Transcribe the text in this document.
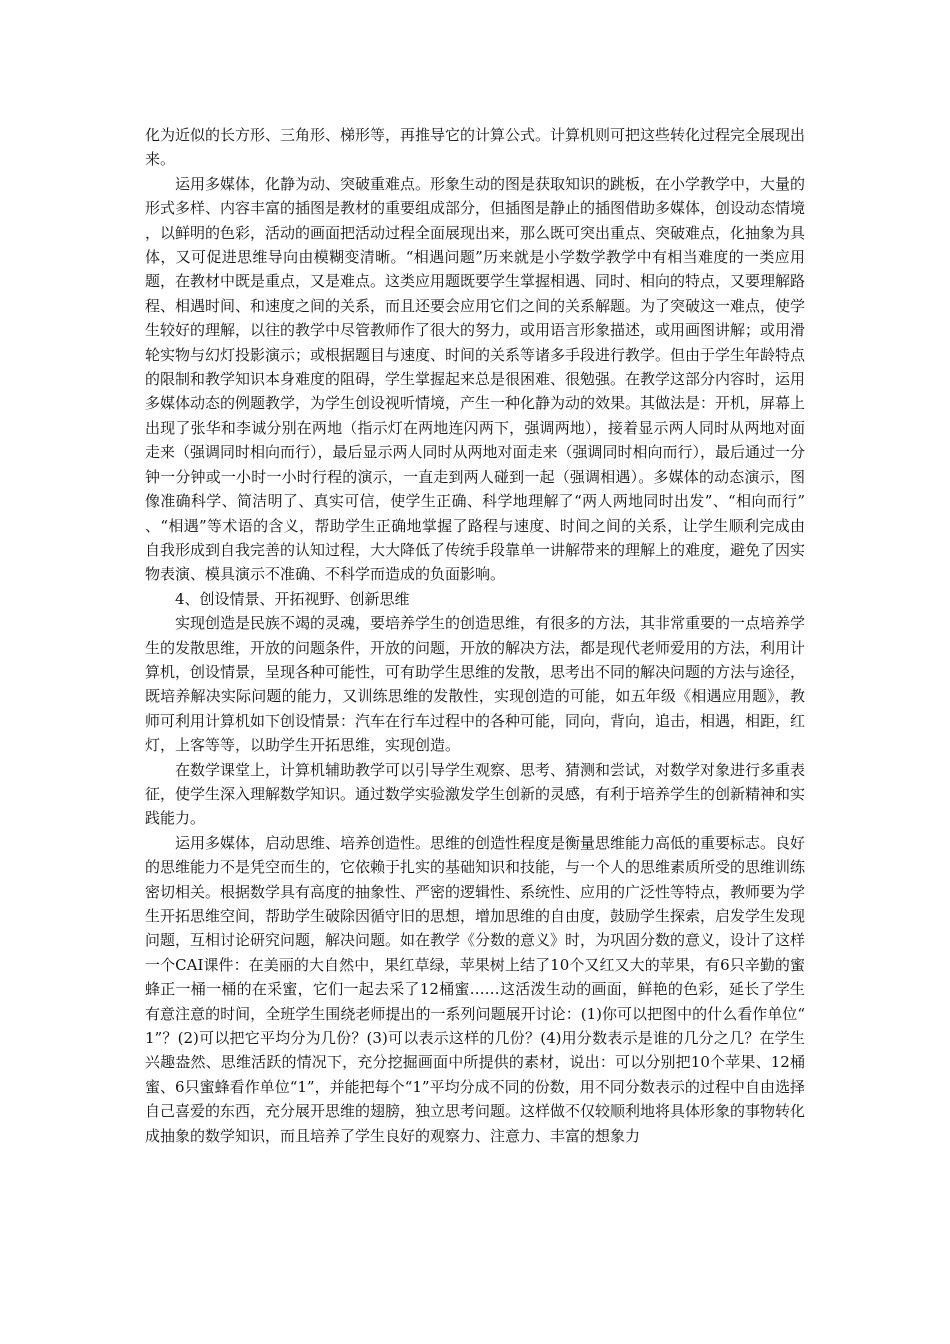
化为近似的长方形、三角形、梯形等，再推导它的计算公式。计算机则可把这些转化过程完全展现出来。

运用多媒体，化静为动、突破重难点。形象生动的图是获取知识的跳板，在小学教学中，大量的形式多样、内容丰富的插图是教材的重要组成部分，但插图是静止的插图借助多媒体，创设动态情境，以鲜明的色彩，活动的画面把活动过程全面展现出来，那么既可突出重点、突破难点，化抽象为具体，又可促进思维导向由模糊变清晰。“相遇问题”历来就是小学数学教学中有相当难度的一类应用题，在教材中既是重点，又是难点。这类应用题既要学生掌握相遇、同时、相向的特点，又要理解路程、相遇时间、和速度之间的关系，而且还要会应用它们之间的关系解题。为了突破这一难点，使学生较好的理解，以往的教学中尽管教师作了很大的努力，或用语言形象描述，或用画图讲解；或用滑轮实物与幻灯投影演示；或根据题目与速度、时间的关系等诸多手段进行教学。但由于学生年龄特点的限制和教学知识本身难度的阻碍，学生掌握起来总是很困难、很勉强。在教学这部分内容时，运用多媒体动态的例题教学，为学生创设视听情境，产生一种化静为动的效果。其做法是：开机，屏幕上出现了张华和李诚分别在两地（指示灯在两地连闪两下，强调两地），接着显示两人同时从两地对面走来（强调同时相向而行），最后显示两人同时从两地对面走来（强调同时相向而行），最后通过一分钟一分钟或一小时一小时行程的演示，一直走到两人碰到一起（强调相遇）。多媒体的动态演示，图像准确科学、简洁明了、真实可信，使学生正确、科学地理解了“两人两地同时出发”、“相向而行”、“相遇”等术语的含义，帮助学生正确地掌握了路程与速度、时间之间的关系，让学生顺利完成由自我形成到自我完善的认知过程，大大降低了传统手段靠单一讲解带来的理解上的难度，避免了因实物表演、模具演示不准确、不科学而造成的负面影响。

4、创设情景、开拓视野、创新思维

实现创造是民族不竭的灵魂，要培养学生的创造思维，有很多的方法，其非常重要的一点培养学生的发散思维，开放的问题条件，开放的问题，开放的解决方法，都是现代老师爱用的方法，利用计算机，创设情景，呈现各种可能性，可有助学生思维的发散，思考出不同的解决问题的方法与途径，既培养解决实际问题的能力，又训练思维的发散性，实现创造的可能，如五年级《相遇应用题》，教师可利用计算机如下创设情景：汽车在行车过程中的各种可能，同向，背向，追击，相遇，相距，红灯，上客等等，以助学生开拓思维，实现创造。

在数学课堂上，计算机辅助教学可以引导学生观察、思考、猜测和尝试，对数学对象进行多重表征，使学生深入理解数学知识。通过数学实验激发学生创新的灵感，有利于培养学生的创新精神和实践能力。

运用多媒体，启动思维、培养创造性。思维的创造性程度是衡量思维能力高低的重要标志。良好的思维能力不是凭空而生的，它依赖于扎实的基础知识和技能，与一个人的思维素质所受的思维训练密切相关。根据数学具有高度的抽象性、严密的逻辑性、系统性、应用的广泛性等特点，教师要为学生开拓思维空间，帮助学生破除因循守旧的思想，增加思维的自由度，鼓励学生探索，启发学生发现问题，互相讨论研究问题，解决问题。如在教学《分数的意义》时，为巩固分数的意义，设计了这样一个CAI课件：在美丽的大自然中，果红草绿，苹果树上结了10个又红又大的苹果，有6只辛勤的蜜蜂正一桶一桶的在采蜜，它们一起去采了12桶蜜……这活泼生动的画面，鲜艳的色彩，延长了学生有意注意的时间，全班学生围绕老师提出的一系列问题展开讨论：(1)你可以把图中的什么看作单位“1”？(2)可以把它平均分为几份？(3)可以表示这样的几份？(4)用分数表示是谁的几分之几？在学生兴趣盎然、思维活跃的情况下，充分挖掘画面中所提供的素材，说出：可以分别把10个苹果、12桶蜜、6只蜜蜂看作单位“1”，并能把每个“1”平均分成不同的份数，用不同分数表示的过程中自由选择自己喜爱的东西，充分展开思维的翅膀，独立思考问题。这样做不仅较顺利地将具体形象的事物转化成抽象的数学知识，而且培养了学生良好的观察力、注意力、丰富的想象力
